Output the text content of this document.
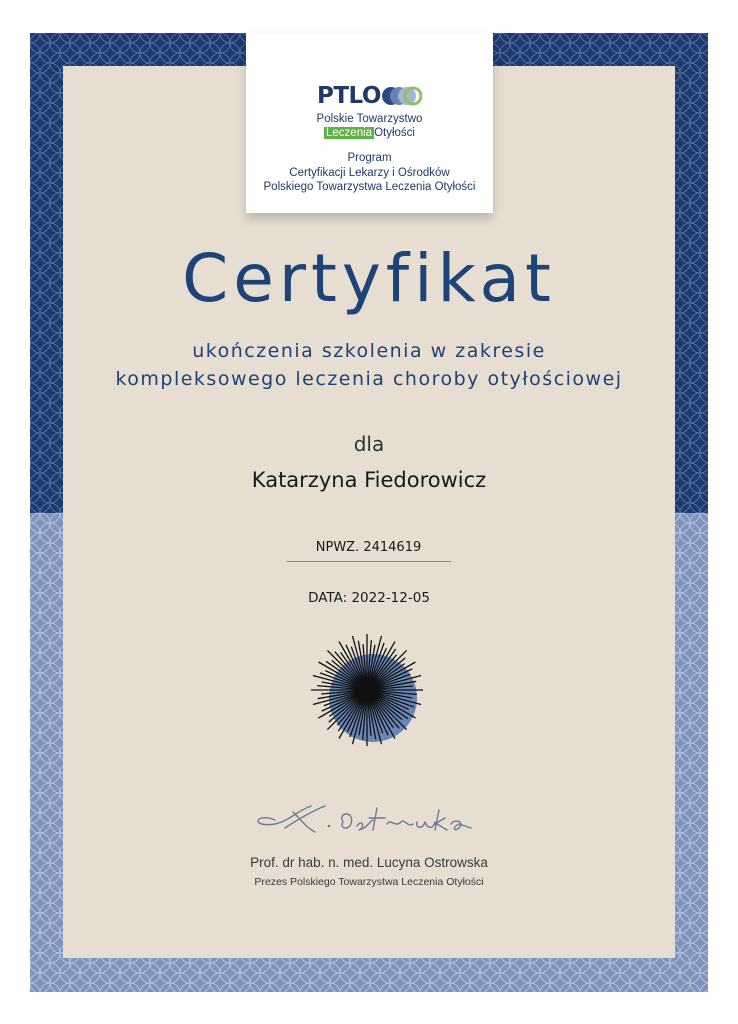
PTLO
Polskie Towarzystwo
Leczenia Otyłości
Program
Certyfikacji Lekarzy i Ośrodków
Polskiego Towarzystwa Leczenia Otyłości
Certyfikat
ukończenia szkolenia w zakresie
kompleksowego leczenia choroby otyłościowej
dla
Katarzyna Fiedorowicz
NPWZ. 2414619
DATA: 2022-12-05
Prof. dr hab. n. med. Lucyna Ostrowska
Prezes Polskiego Towarzystwa Leczenia Otyłości
